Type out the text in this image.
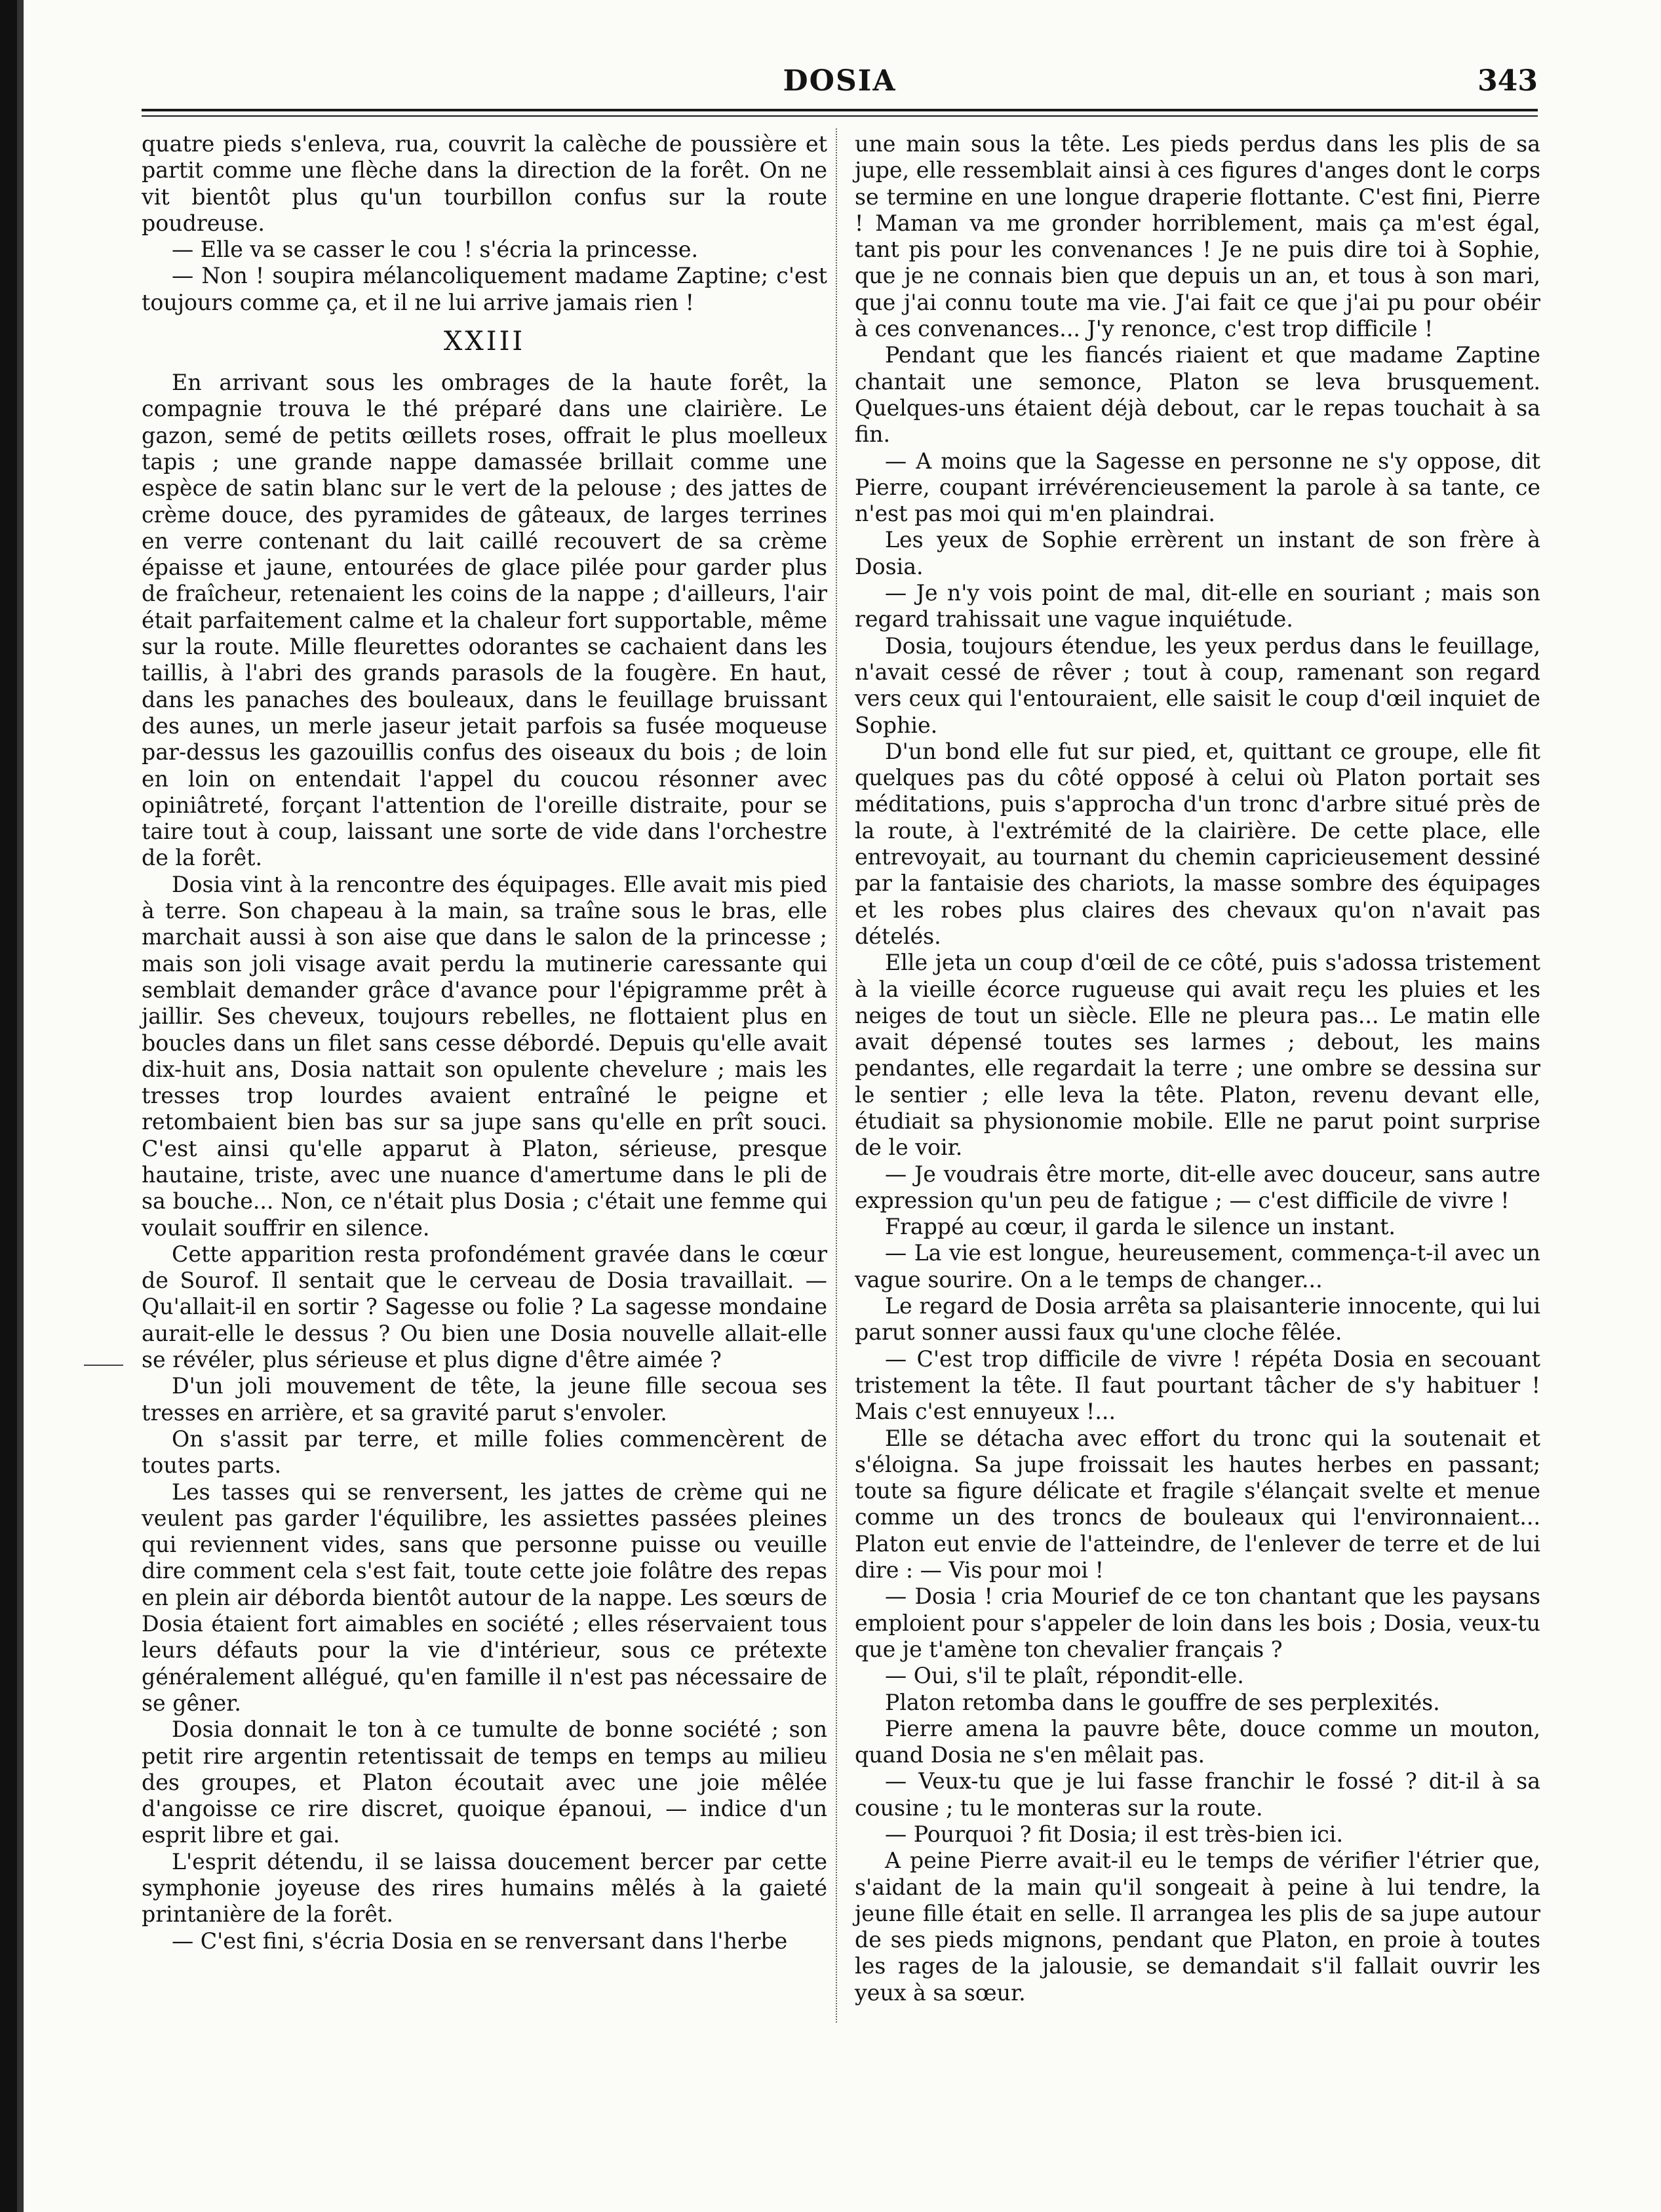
DOSIA	343

quatre pieds s'enleva, rua, couvrit la calèche de poussière et partit comme une flèche dans la direction de la forêt. On ne vit bientôt plus qu'un tourbillon confus sur la route poudreuse.

— Elle va se casser le cou ! s'écria la princesse.

— Non ! soupira mélancoliquement madame Zaptine; c'est toujours comme ça, et il ne lui arrive jamais rien !

XXIII

En arrivant sous les ombrages de la haute forêt, la compagnie trouva le thé préparé dans une clairière. Le gazon, semé de petits œillets roses, offrait le plus moelleux tapis ; une grande nappe damassée brillait comme une espèce de satin blanc sur le vert de la pelouse ; des jattes de crème douce, des pyramides de gâteaux, de larges terrines en verre contenant du lait caillé recouvert de sa crème épaisse et jaune, entourées de glace pilée pour garder plus de fraîcheur, retenaient les coins de la nappe ; d'ailleurs, l'air était parfaitement calme et la chaleur fort supportable, même sur la route. Mille fleurettes odorantes se cachaient dans les taillis, à l'abri des grands parasols de la fougère. En haut, dans les panaches des bouleaux, dans le feuillage bruissant des aunes, un merle jaseur jetait parfois sa fusée moqueuse par-dessus les gazouillis confus des oiseaux du bois ; de loin en loin on entendait l'appel du coucou résonner avec opiniâtreté, forçant l'attention de l'oreille distraite, pour se taire tout à coup, laissant une sorte de vide dans l'orchestre de la forêt.

Dosia vint à la rencontre des équipages. Elle avait mis pied à terre. Son chapeau à la main, sa traîne sous le bras, elle marchait aussi à son aise que dans le salon de la princesse ; mais son joli visage avait perdu la mutinerie caressante qui semblait demander grâce d'avance pour l'épigramme prêt à jaillir. Ses cheveux, toujours rebelles, ne flottaient plus en boucles dans un filet sans cesse débordé. Depuis qu'elle avait dix-huit ans, Dosia nattait son opulente chevelure ; mais les tresses trop lourdes avaient entraîné le peigne et retombaient bien bas sur sa jupe sans qu'elle en prît souci. C'est ainsi qu'elle apparut à Platon, sérieuse, presque hautaine, triste, avec une nuance d'amertume dans le pli de sa bouche... Non, ce n'était plus Dosia ; c'était une femme qui voulait souffrir en silence.

Cette apparition resta profondément gravée dans le cœur de Sourof. Il sentait que le cerveau de Dosia travaillait. — Qu'allait-il en sortir ? Sagesse ou folie ? La sagesse mondaine aurait-elle le dessus ? Ou bien une Dosia nouvelle allait-elle se révéler, plus sérieuse et plus digne d'être aimée ?

D'un joli mouvement de tête, la jeune fille secoua ses tresses en arrière, et sa gravité parut s'envoler.

On s'assit par terre, et mille folies commencèrent de toutes parts.

Les tasses qui se renversent, les jattes de crème qui ne veulent pas garder l'équilibre, les assiettes passées pleines qui reviennent vides, sans que personne puisse ou veuille dire comment cela s'est fait, toute cette joie folâtre des repas en plein air déborda bientôt autour de la nappe. Les sœurs de Dosia étaient fort aimables en société ; elles réservaient tous leurs défauts pour la vie d'intérieur, sous ce prétexte généralement allégué, qu'en famille il n'est pas nécessaire de se gêner.

Dosia donnait le ton à ce tumulte de bonne société ; son petit rire argentin retentissait de temps en temps au milieu des groupes, et Platon écoutait avec une joie mêlée d'angoisse ce rire discret, quoique épanoui, — indice d'un esprit libre et gai.

L'esprit détendu, il se laissa doucement bercer par cette symphonie joyeuse des rires humains mêlés à la gaieté printanière de la forêt.

— C'est fini, s'écria Dosia en se renversant dans l'herbe

une main sous la tête. Les pieds perdus dans les plis de sa jupe, elle ressemblait ainsi à ces figures d'anges dont le corps se termine en une longue draperie flottante. C'est fini, Pierre ! Maman va me gronder horriblement, mais ça m'est égal, tant pis pour les convenances ! Je ne puis dire toi à Sophie, que je ne connais bien que depuis un an, et tous à son mari, que j'ai connu toute ma vie. J'ai fait ce que j'ai pu pour obéir à ces convenances... J'y renonce, c'est trop difficile !

Pendant que les fiancés riaient et que madame Zaptine chantait une semonce, Platon se leva brusquement. Quelques-uns étaient déjà debout, car le repas touchait à sa fin.

— A moins que la Sagesse en personne ne s'y oppose, dit Pierre, coupant irrévérencieusement la parole à sa tante, ce n'est pas moi qui m'en plaindrai.

Les yeux de Sophie errèrent un instant de son frère à Dosia.

— Je n'y vois point de mal, dit-elle en souriant ; mais son regard trahissait une vague inquiétude.

Dosia, toujours étendue, les yeux perdus dans le feuillage, n'avait cessé de rêver ; tout à coup, ramenant son regard vers ceux qui l'entouraient, elle saisit le coup d'œil inquiet de Sophie.

D'un bond elle fut sur pied, et, quittant ce groupe, elle fit quelques pas du côté opposé à celui où Platon portait ses méditations, puis s'approcha d'un tronc d'arbre situé près de la route, à l'extrémité de la clairière. De cette place, elle entrevoyait, au tournant du chemin capricieusement dessiné par la fantaisie des chariots, la masse sombre des équipages et les robes plus claires des chevaux qu'on n'avait pas dételés.

Elle jeta un coup d'œil de ce côté, puis s'adossa tristement à la vieille écorce rugueuse qui avait reçu les pluies et les neiges de tout un siècle. Elle ne pleura pas... Le matin elle avait dépensé toutes ses larmes ; debout, les mains pendantes, elle regardait la terre ; une ombre se dessina sur le sentier ; elle leva la tête. Platon, revenu devant elle, étudiait sa physionomie mobile. Elle ne parut point surprise de le voir.

— Je voudrais être morte, dit-elle avec douceur, sans autre expression qu'un peu de fatigue ; — c'est difficile de vivre !

Frappé au cœur, il garda le silence un instant.

— La vie est longue, heureusement, commença-t-il avec un vague sourire. On a le temps de changer...

Le regard de Dosia arrêta sa plaisanterie innocente, qui lui parut sonner aussi faux qu'une cloche fêlée.

— C'est trop difficile de vivre ! répéta Dosia en secouant tristement la tête. Il faut pourtant tâcher de s'y habituer ! Mais c'est ennuyeux !...

Elle se détacha avec effort du tronc qui la soutenait et s'éloigna. Sa jupe froissait les hautes herbes en passant; toute sa figure délicate et fragile s'élançait svelte et menue comme un des troncs de bouleaux qui l'environnaient... Platon eut envie de l'atteindre, de l'enlever de terre et de lui dire : — Vis pour moi !

— Dosia ! cria Mourief de ce ton chantant que les paysans emploient pour s'appeler de loin dans les bois ; Dosia, veux-tu que je t'amène ton chevalier français ?

— Oui, s'il te plaît, répondit-elle.

Platon retomba dans le gouffre de ses perplexités.

Pierre amena la pauvre bête, douce comme un mouton, quand Dosia ne s'en mêlait pas.

— Veux-tu que je lui fasse franchir le fossé ? dit-il à sa cousine ; tu le monteras sur la route.

— Pourquoi ? fit Dosia; il est très-bien ici.

A peine Pierre avait-il eu le temps de vérifier l'étrier que, s'aidant de la main qu'il songeait à peine à lui tendre, la jeune fille était en selle. Il arrangea les plis de sa jupe autour de ses pieds mignons, pendant que Platon, en proie à toutes les rages de la jalousie, se demandait s'il fallait ouvrir les yeux à sa sœur.
